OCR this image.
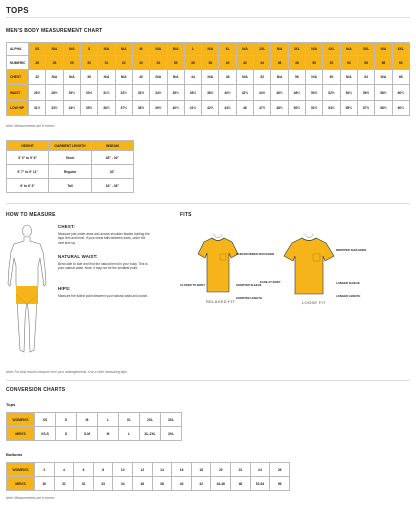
TOPS
MEN'S BODY MEASUREMENT CHART
ALPHA	XS	N/A	N/A	S	N/A	N/A	M	N/A	N/A	L	N/A	XL	N/A	2XL	N/A	3XL	N/A	4XL	N/A	5XL	N/A	6XL
NUMERIC	26	28	29	30	31	32	33	34	35	36	38	40	42	44	46	48	50	52	54	56	58	60
CHEST	32	N/A	N/A	36	N/A	N/A	40	N/A	N/A	44	N/A	48	N/A	52	N/A	56	N/A	60	N/A	64	N/A	68
WAIST	26½	28½	29½	30½	31½	32½	33½	34½	35½	36½	38½	40½	42½	44½	46½	48½	50½	52½	54½	56½	58½	60½
LOW HIP	31½	33½	34½	35½	36½	37½	38½	39½	40½	41½	42½	44½	46	47½	48½	50½	52½	54½	55½	57½	58½	60½
Note: Measurements are in inches
HEIGHT	GARMENT LENGTH	INSEAM
5' 3" to 5' 6"	Short	28" - 30"
5' 7" to 5' 11"	Regular	32"
6' to 6' 3"	Tall	34" - 36"
HOW TO MEASURE
CHEST:
Measure just under arms and across shoulder blades holding the tape firm and level. If your chest falls between sizes, order the next size up.
NATURAL WAIST:
Bend side to side and find the natural bend in your body. This is your natural waist. Note: it may not be the smallest point.
HIPS:
Measure the fullest point between your natural waist and crotch.
Note: For best results measure over your undergarments. Use a cloth measuring tape.
FITS
SLIM-ROUNDED SHOULDER
CLOSER TO BODY	SHORTER SLEEVE
SHORTER LENGTH
RELAXED FIT
DROPPED SHOULDER
EASE AT BODY	LONGER SLEEVE
LONGER LENGTH
LOOSE FIT
CONVERSION CHARTS
Tops
WOMEN'S	XS	S	M	L	XL	2XL	3XL
MEN'S	XS-S	S	S-M	M	L	XL-2XL	3XL
Bottoms
WOMEN'S	2	4	6	8	10	12	14	16	18	20	22	24	26
MEN'S	30	31	32	33	34	36	38	40	42	44-46	48	52-54	56
Note: Measurements are in inches
